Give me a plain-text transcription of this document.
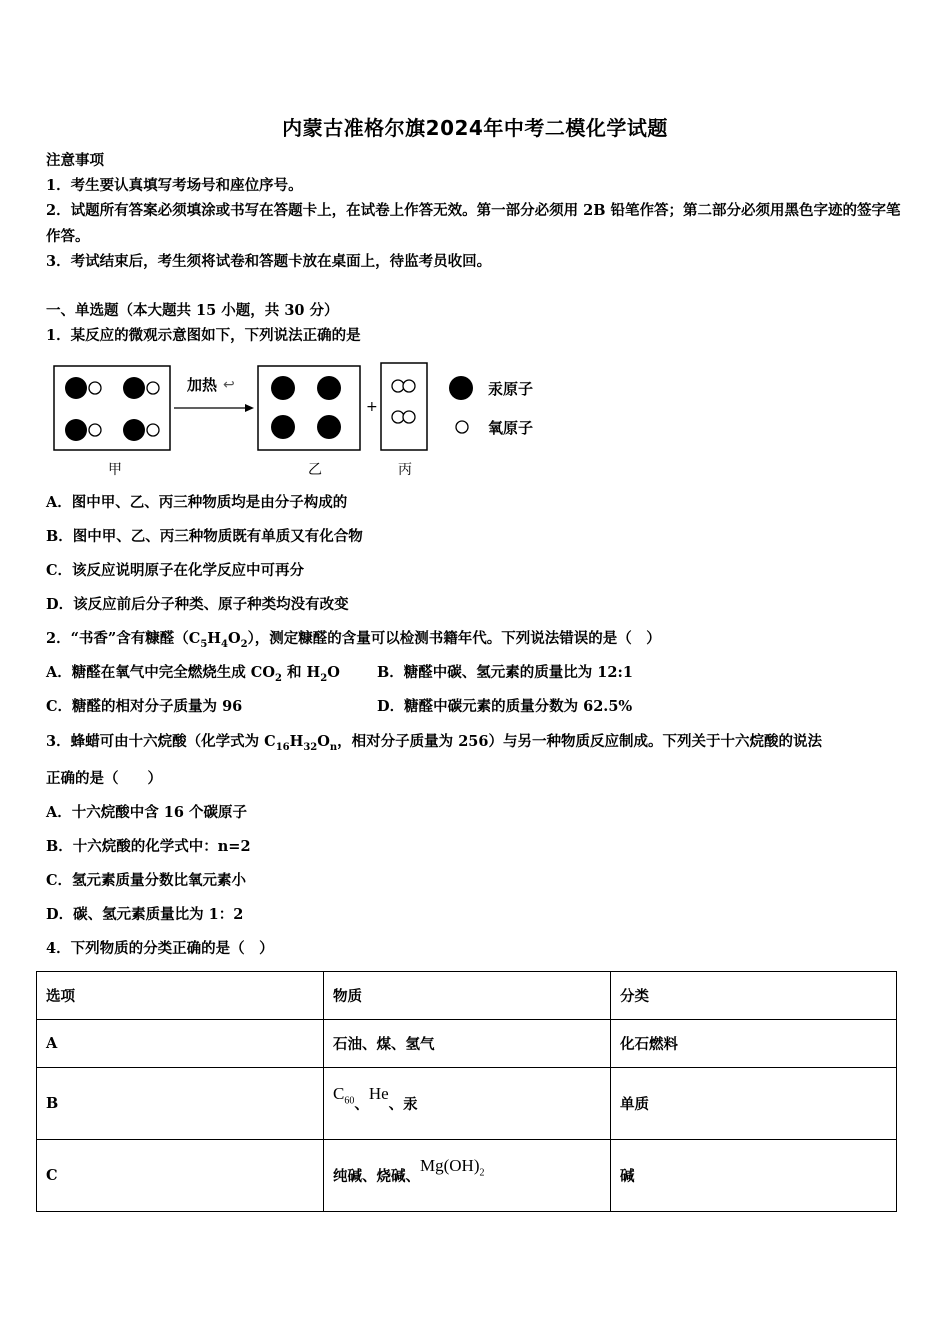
内蒙古准格尔旗2024年中考二模化学试题
注意事项
1．考生要认真填写考场号和座位序号。
2．试题所有答案必须填涂或书写在答题卡上，在试卷上作答无效。第一部分必须用 2B 铅笔作答；第二部分必须用黑色字迹的签字笔作答。
3．考试结束后，考生须将试卷和答题卡放在桌面上，待监考员收回。
一、单选题（本大题共 15 小题，共 30 分）
1．某反应的微观示意图如下，下列说法正确的是
加热 ↩
+
汞原子
氧原子
甲	乙	丙
A．图中甲、乙、丙三种物质均是由分子构成的
B．图中甲、乙、丙三种物质既有单质又有化合物
C．该反应说明原子在化学反应中可再分
D．该反应前后分子种类、原子种类均没有改变
2．“书香”含有糠醛$(C_5H_4O_2)$，测定糠醛的含量可以检测书籍年代。下列说法错误的是（　）
A．糖醛在氧气中完全燃烧生成 $CO_2$ 和 $H_2O$	B．糖醛中碳、氢元素的质量比为 12:1
C．糖醛的相对分子质量为 96	D．糖醛中碳元素的质量分数为 62.5%
3．蜂蜡可由十六烷酸（化学式为 $C_{16}H_{32}O_n$，相对分子质量为 256）与另一种物质反应制成。下列关于十六烷酸的说法
正确的是（　　）
A．十六烷酸中含 16 个碳原子
B．十六烷酸的化学式中：n=2
C．氢元素质量分数比氧元素小
D．碳、氢元素质量比为 1：2
4．下列物质的分类正确的是（　）
选项	物质	分类
A	石油、煤、氢气	化石燃料
B	$C_{60}$、He、汞	单质
C	纯碱、烧碱、$Mg(OH)_2$	碱
